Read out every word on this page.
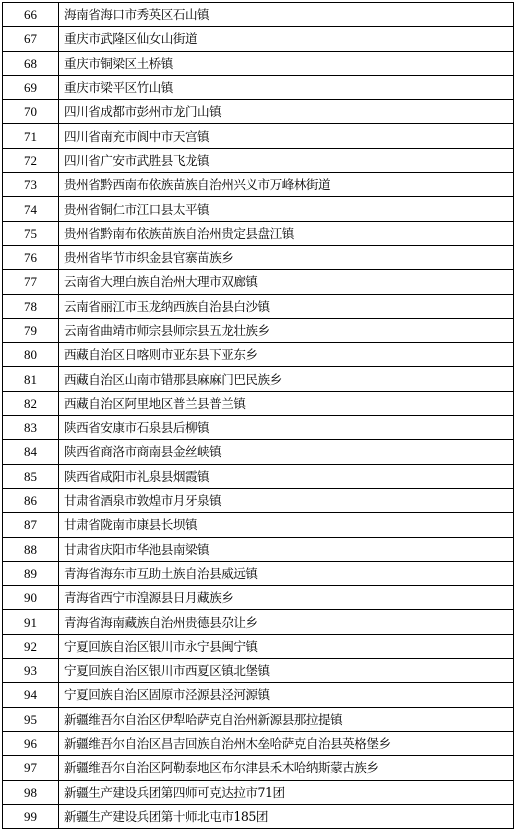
66	海南省海口市秀英区石山镇
67	重庆市武隆区仙女山街道
68	重庆市铜梁区土桥镇
69	重庆市梁平区竹山镇
70	四川省成都市彭州市龙门山镇
71	四川省南充市阆中市天宫镇
72	四川省广安市武胜县飞龙镇
73	贵州省黔西南布依族苗族自治州兴义市万峰林街道
74	贵州省铜仁市江口县太平镇
75	贵州省黔南布依族苗族自治州贵定县盘江镇
76	贵州省毕节市织金县官寨苗族乡
77	云南省大理白族自治州大理市双廊镇
78	云南省丽江市玉龙纳西族自治县白沙镇
79	云南省曲靖市师宗县师宗县五龙壮族乡
80	西藏自治区日喀则市亚东县下亚东乡
81	西藏自治区山南市错那县麻麻门巴民族乡
82	西藏自治区阿里地区普兰县普兰镇
83	陕西省安康市石泉县后柳镇
84	陕西省商洛市商南县金丝峡镇
85	陕西省咸阳市礼泉县烟霞镇
86	甘肃省酒泉市敦煌市月牙泉镇
87	甘肃省陇南市康县长坝镇
88	甘肃省庆阳市华池县南梁镇
89	青海省海东市互助土族自治县威远镇
90	青海省西宁市湟源县日月藏族乡
91	青海省海南藏族自治州贵德县尕让乡
92	宁夏回族自治区银川市永宁县闽宁镇
93	宁夏回族自治区银川市西夏区镇北堡镇
94	宁夏回族自治区固原市泾源县泾河源镇
95	新疆维吾尔自治区伊犁哈萨克自治州新源县那拉提镇
96	新疆维吾尔自治区昌吉回族自治州木垒哈萨克自治县英格堡乡
97	新疆维吾尔自治区阿勒泰地区布尔津县禾木哈纳斯蒙古族乡
98	新疆生产建设兵团第四师可克达拉市71团
99	新疆生产建设兵团第十师北屯市185团
